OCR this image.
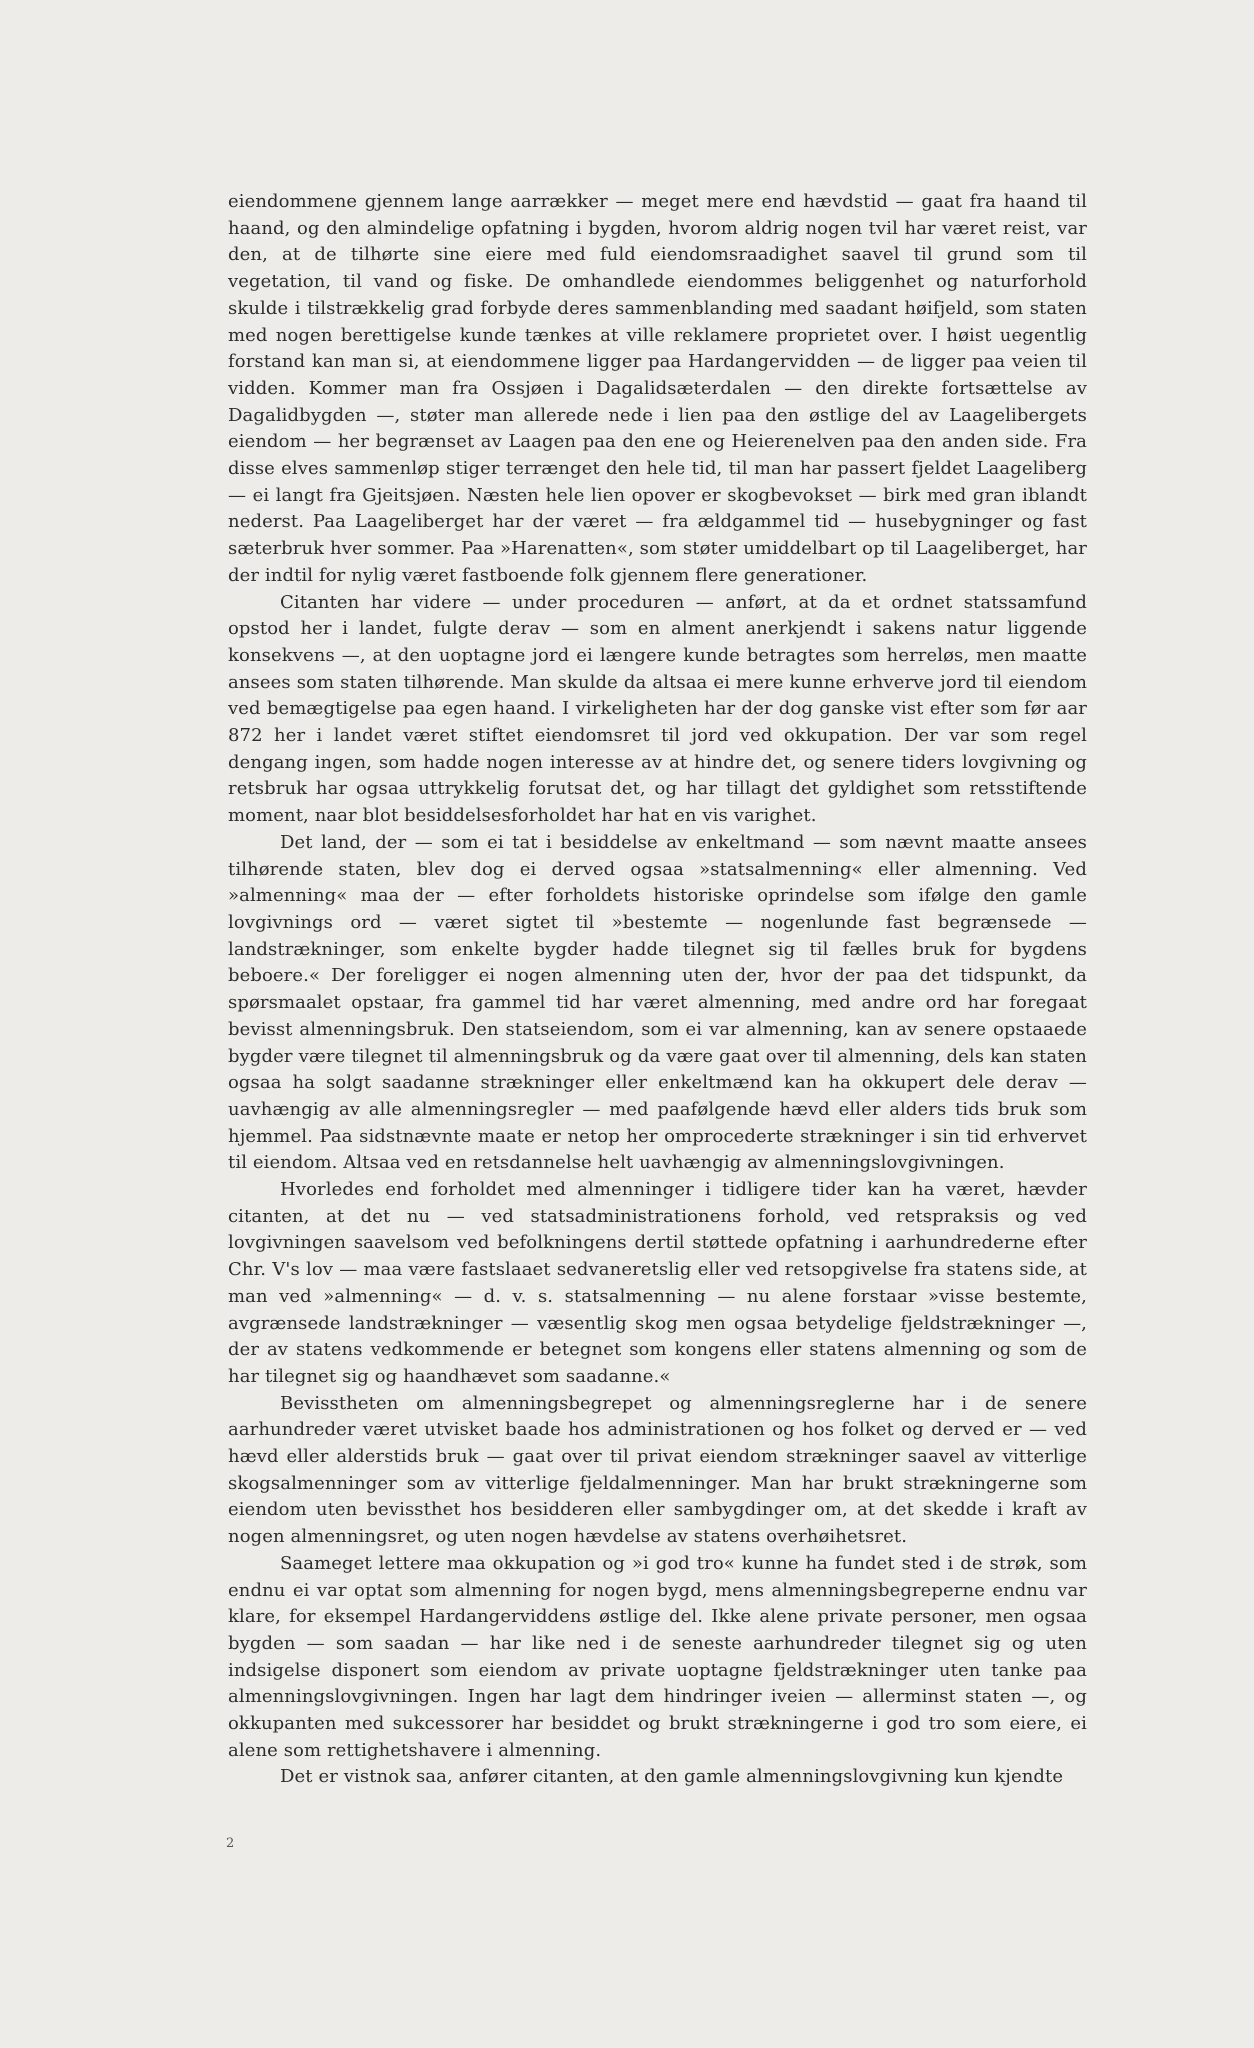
eiendommene gjennem lange aarrækker — meget mere end hævdstid — gaat fra haand til haand, og den almindelige opfatning i bygden, hvorom aldrig nogen tvil har været reist, var den, at de tilhørte sine eiere med fuld eiendomsraadighet saavel til grund som til vegetation, til vand og fiske. De omhandlede eiendommes beliggenhet og naturforhold skulde i tilstrækkelig grad forbyde deres sammenblanding med saadant høifjeld, som staten med nogen berettigelse kunde tænkes at ville reklamere proprietet over. I høist uegentlig forstand kan man si, at eiendommene ligger paa Hardangervidden — de ligger paa veien til vidden. Kommer man fra Ossjøen i Dagalidsæterdalen — den direkte fortsættelse av Dagalidbygden —, støter man allerede nede i lien paa den østlige del av Laagelibergets eiendom — her begrænset av Laagen paa den ene og Heierenelven paa den anden side. Fra disse elves sammenløp stiger terrænget den hele tid, til man har passert fjeldet Laageliberg — ei langt fra Gjeitsjøen. Næsten hele lien opover er skogbevokset — birk med gran iblandt nederst. Paa Laageliberget har der været — fra ældgammel tid — husebygninger og fast sæterbruk hver sommer. Paa »Harenatten«, som støter umiddelbart op til Laageliberget, har der indtil for nylig været fastboende folk gjennem flere generationer.

Citanten har videre — under proceduren — anført, at da et ordnet statssamfund opstod her i landet, fulgte derav — som en alment anerkjendt i sakens natur liggende konsekvens —, at den uoptagne jord ei længere kunde betragtes som herreløs, men maatte ansees som staten tilhørende. Man skulde da altsaa ei mere kunne erhverve jord til eiendom ved bemægtigelse paa egen haand. I virkeligheten har der dog ganske vist efter som før aar 872 her i landet været stiftet eiendomsret til jord ved okkupation. Der var som regel dengang ingen, som hadde nogen interesse av at hindre det, og senere tiders lovgivning og retsbruk har ogsaa uttrykkelig forutsat det, og har tillagt det gyldighet som retsstiftende moment, naar blot besiddelsesforholdet har hat en vis varighet.

Det land, der — som ei tat i besiddelse av enkeltmand — som nævnt maatte ansees tilhørende staten, blev dog ei derved ogsaa »statsalmenning« eller almenning. Ved »almenning« maa der — efter forholdets historiske oprindelse som ifølge den gamle lovgivnings ord — været sigtet til »bestemte — nogenlunde fast begrænsede — landstrækninger, som enkelte bygder hadde tilegnet sig til fælles bruk for bygdens beboere.« Der foreligger ei nogen almenning uten der, hvor der paa det tidspunkt, da spørsmaalet opstaar, fra gammel tid har været almenning, med andre ord har foregaat bevisst almenningsbruk. Den statseiendom, som ei var almenning, kan av senere opstaaede bygder være tilegnet til almenningsbruk og da være gaat over til almenning, dels kan staten ogsaa ha solgt saadanne strækninger eller enkeltmænd kan ha okkupert dele derav — uavhængig av alle almenningsregler — med paafølgende hævd eller alders tids bruk som hjemmel. Paa sidstnævnte maate er netop her omprocederte strækninger i sin tid erhvervet til eiendom. Altsaa ved en retsdannelse helt uavhængig av almenningslovgivningen.

Hvorledes end forholdet med almenninger i tidligere tider kan ha været, hævder citanten, at det nu — ved statsadministrationens forhold, ved retspraksis og ved lovgivningen saavelsom ved befolkningens dertil støttede opfatning i aarhundrederne efter Chr. V's lov — maa være fastslaaet sedvaneretslig eller ved retsopgivelse fra statens side, at man ved »almenning« — d. v. s. statsalmenning — nu alene forstaar »visse bestemte, avgrænsede landstrækninger — væsentlig skog men ogsaa betydelige fjeldstrækninger —, der av statens vedkommende er betegnet som kongens eller statens almenning og som de har tilegnet sig og haandhævet som saadanne.«

Bevisstheten om almenningsbegrepet og almenningsreglerne har i de senere aarhundreder været utvisket baade hos administrationen og hos folket og derved er — ved hævd eller alderstids bruk — gaat over til privat eiendom strækninger saavel av vitterlige skogsalmenninger som av vitterlige fjeldalmenninger. Man har brukt strækningerne som eiendom uten bevissthet hos besidderen eller sambygdinger om, at det skedde i kraft av nogen almenningsret, og uten nogen hævdelse av statens overhøihetsret.

Saameget lettere maa okkupation og »i god tro« kunne ha fundet sted i de strøk, som endnu ei var optat som almenning for nogen bygd, mens almenningsbegreperne endnu var klare, for eksempel Hardangerviddens østlige del. Ikke alene private personer, men ogsaa bygden — som saadan — har like ned i de seneste aarhundreder tilegnet sig og uten indsigelse disponert som eiendom av private uoptagne fjeldstrækninger uten tanke paa almenningslovgivningen. Ingen har lagt dem hindringer iveien — allerminst staten —, og okkupanten med sukcessorer har besiddet og brukt strækningerne i god tro som eiere, ei alene som rettighetshavere i almenning.

Det er vistnok saa, anfører citanten, at den gamle almenningslovgivning kun kjendte

2
